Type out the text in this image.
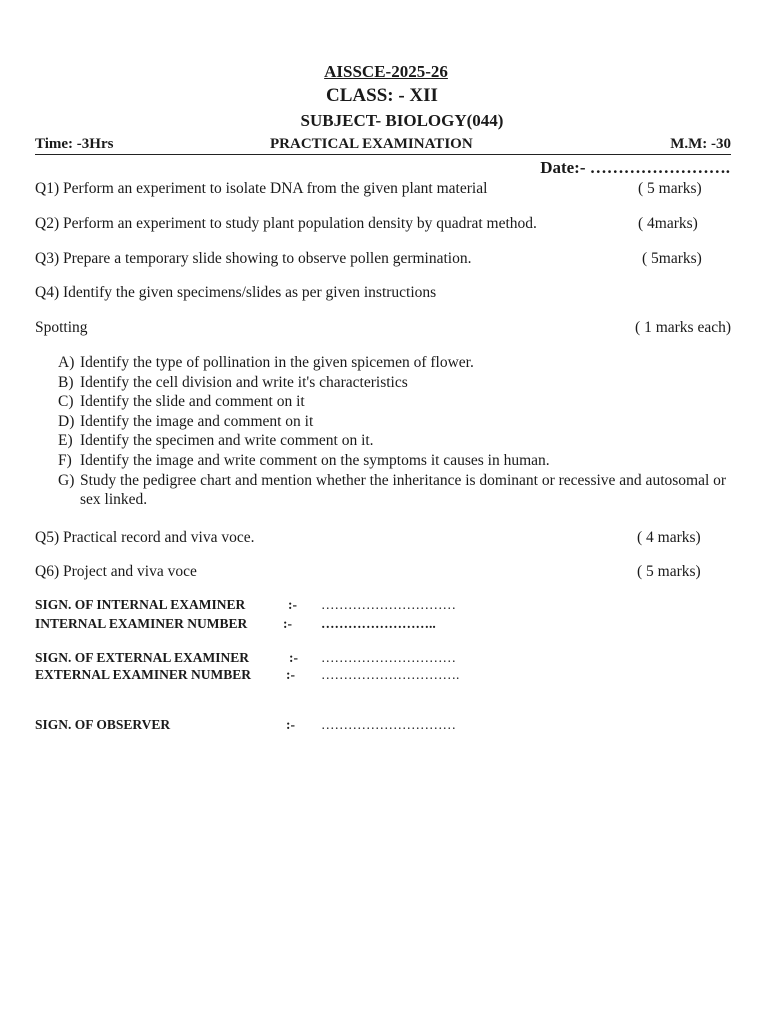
AISSCE-2025-26
CLASS: - XII
SUBJECT- BIOLOGY(044)
Time: -3Hrs	PRACTICAL EXAMINATION	M.M: -30
Date:- …………………….
Q1) Perform an experiment to isolate DNA from the given plant material	( 5 marks)
Q2) Perform an experiment to study plant population density by quadrat method.	( 4marks)
Q3) Prepare a temporary slide showing to observe pollen germination.	( 5marks)
Q4) Identify the given specimens/slides as per given instructions
Spotting	( 1 marks each)
A) Identify the type of pollination in the given spicemen of flower.
B) Identify the cell division and write it's characteristics
C) Identify the slide and comment on it
D) Identify the image and comment on it
E) Identify the specimen and write comment on it.
F) Identify the image and write comment on the symptoms it causes in human.
G) Study the pedigree chart and mention whether the inheritance is dominant or recessive and autosomal or sex linked.
Q5) Practical record and viva voce.	( 4 marks)
Q6) Project and viva voce	( 5 marks)
SIGN. OF INTERNAL EXAMINER	:- …………………………
INTERNAL EXAMINER NUMBER	:- ……………………..
SIGN. OF EXTERNAL EXAMINER	:- …………………………
EXTERNAL EXAMINER NUMBER	:- ………………………….
SIGN. OF OBSERVER	:- …………………………
